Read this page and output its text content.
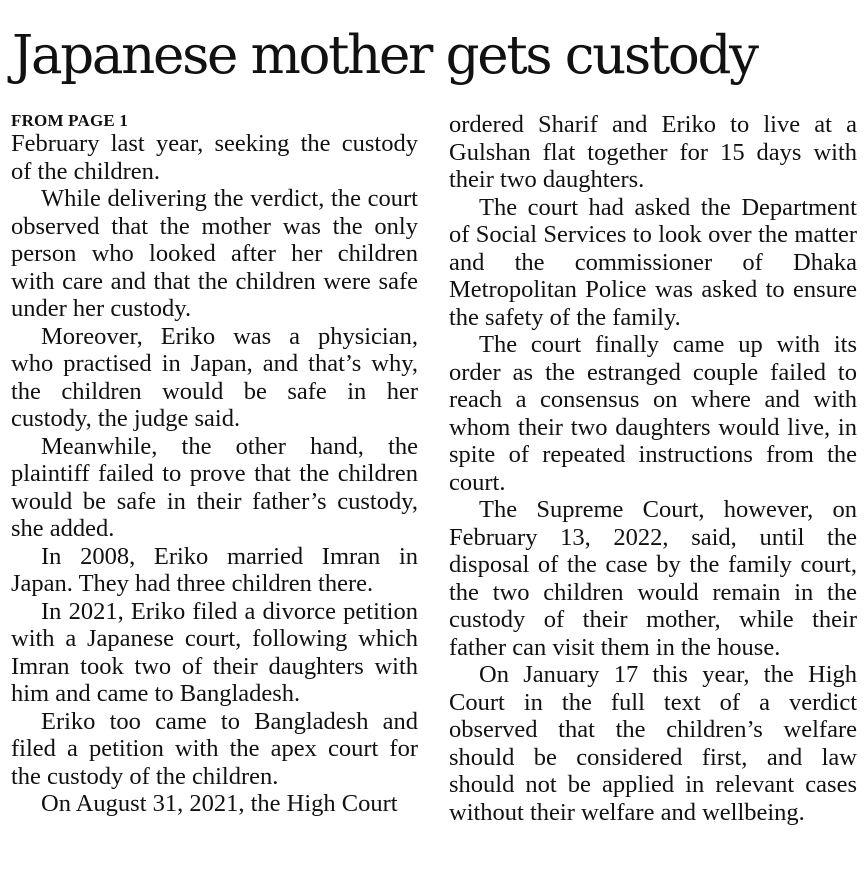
Japanese mother gets custody

FROM PAGE 1

February last year, seeking the custody of the children.

While delivering the verdict, the court observed that the mother was the only person who looked after her children with care and that the children were safe under her custody.

Moreover, Eriko was a physician, who practised in Japan, and that’s why, the children would be safe in her custody, the judge said.

Meanwhile, the other hand, the plaintiff failed to prove that the children would be safe in their father’s custody, she added.

In 2008, Eriko married Imran in Japan. They had three children there.

In 2021, Eriko filed a divorce petition with a Japanese court, following which Imran took two of their daughters with him and came to Bangladesh.

Eriko too came to Bangladesh and filed a petition with the apex court for the custody of the children.

On August 31, 2021, the High Court

ordered Sharif and Eriko to live at a Gulshan flat together for 15 days with their two daughters.

The court had asked the Department of Social Services to look over the matter and the commissioner of Dhaka Metropolitan Police was asked to ensure the safety of the family.

The court finally came up with its order as the estranged couple failed to reach a consensus on where and with whom their two daughters would live, in spite of repeated instructions from the court.

The Supreme Court, however, on February 13, 2022, said, until the disposal of the case by the family court, the two children would remain in the custody of their mother, while their father can visit them in the house.

On January 17 this year, the High Court in the full text of a verdict observed that the children’s welfare should be considered first, and law should not be applied in relevant cases without their welfare and wellbeing.
